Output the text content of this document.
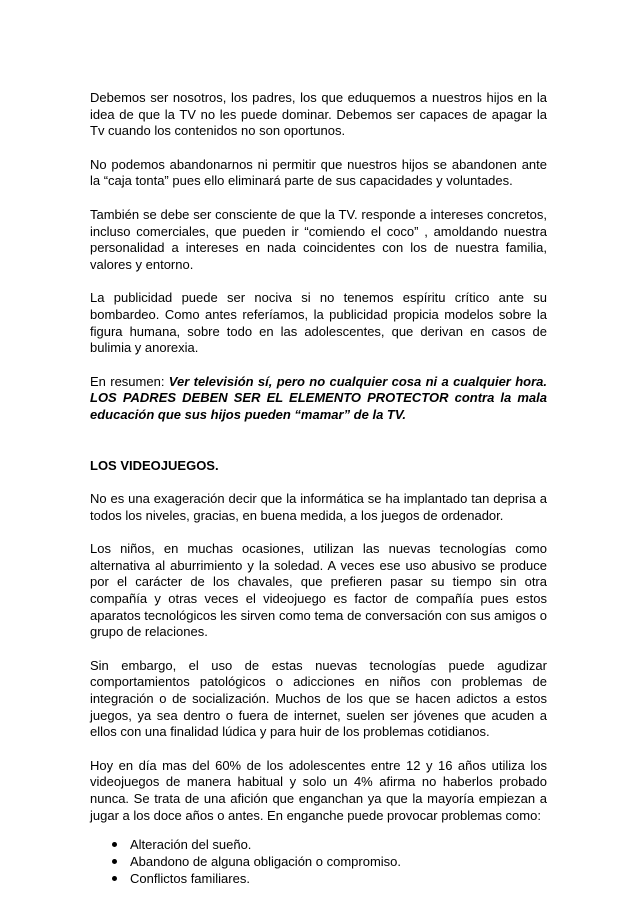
Debemos ser nosotros, los padres, los que eduquemos a nuestros hijos en la idea de que la TV no les puede dominar. Debemos ser capaces de apagar la Tv cuando los contenidos no son oportunos.

No podemos abandonarnos ni permitir que nuestros hijos se abandonen ante la “caja tonta” pues ello eliminará parte de sus capacidades y voluntades.

También se debe ser consciente de que la TV. responde a intereses concretos, incluso comerciales, que pueden ir “comiendo el coco” , amoldando nuestra personalidad a intereses en nada coincidentes con los de nuestra familia, valores y entorno.

La publicidad puede ser nociva si no tenemos espíritu crítico ante su bombardeo. Como antes referíamos, la publicidad propicia modelos sobre la figura humana, sobre todo en las adolescentes, que derivan en casos de bulimia y anorexia.

En resumen: Ver televisión sí, pero no cualquier cosa ni a cualquier hora. LOS PADRES DEBEN SER EL ELEMENTO PROTECTOR contra la mala educación que sus hijos pueden “mamar” de la TV.

LOS VIDEOJUEGOS.

No es una exageración decir que la informática se ha implantado tan deprisa a todos los niveles, gracias, en buena medida, a los juegos de ordenador.

Los niños, en muchas ocasiones, utilizan las nuevas tecnologías como alternativa al aburrimiento y la soledad. A veces ese uso abusivo se produce por el carácter de los chavales, que prefieren pasar su tiempo sin otra compañía y otras veces el videojuego es factor de compañía pues estos aparatos tecnológicos les sirven como tema de conversación con sus amigos o grupo de relaciones.

Sin embargo, el uso de estas nuevas tecnologías puede agudizar comportamientos patológicos o adicciones en niños con problemas de integración o de socialización. Muchos de los que se hacen adictos a estos juegos, ya sea dentro o fuera de internet, suelen ser jóvenes que acuden a ellos con una finalidad lúdica y para huir de los problemas cotidianos.

Hoy en día mas del 60% de los adolescentes entre 12 y 16 años utiliza los videojuegos de manera habitual y solo un 4% afirma no haberlos probado nunca. Se trata de una afición que enganchan ya que la mayoría empiezan a jugar a los doce años o antes. En enganche puede provocar problemas como:

Alteración del sueño.
Abandono de alguna obligación o compromiso.
Conflictos familiares.
